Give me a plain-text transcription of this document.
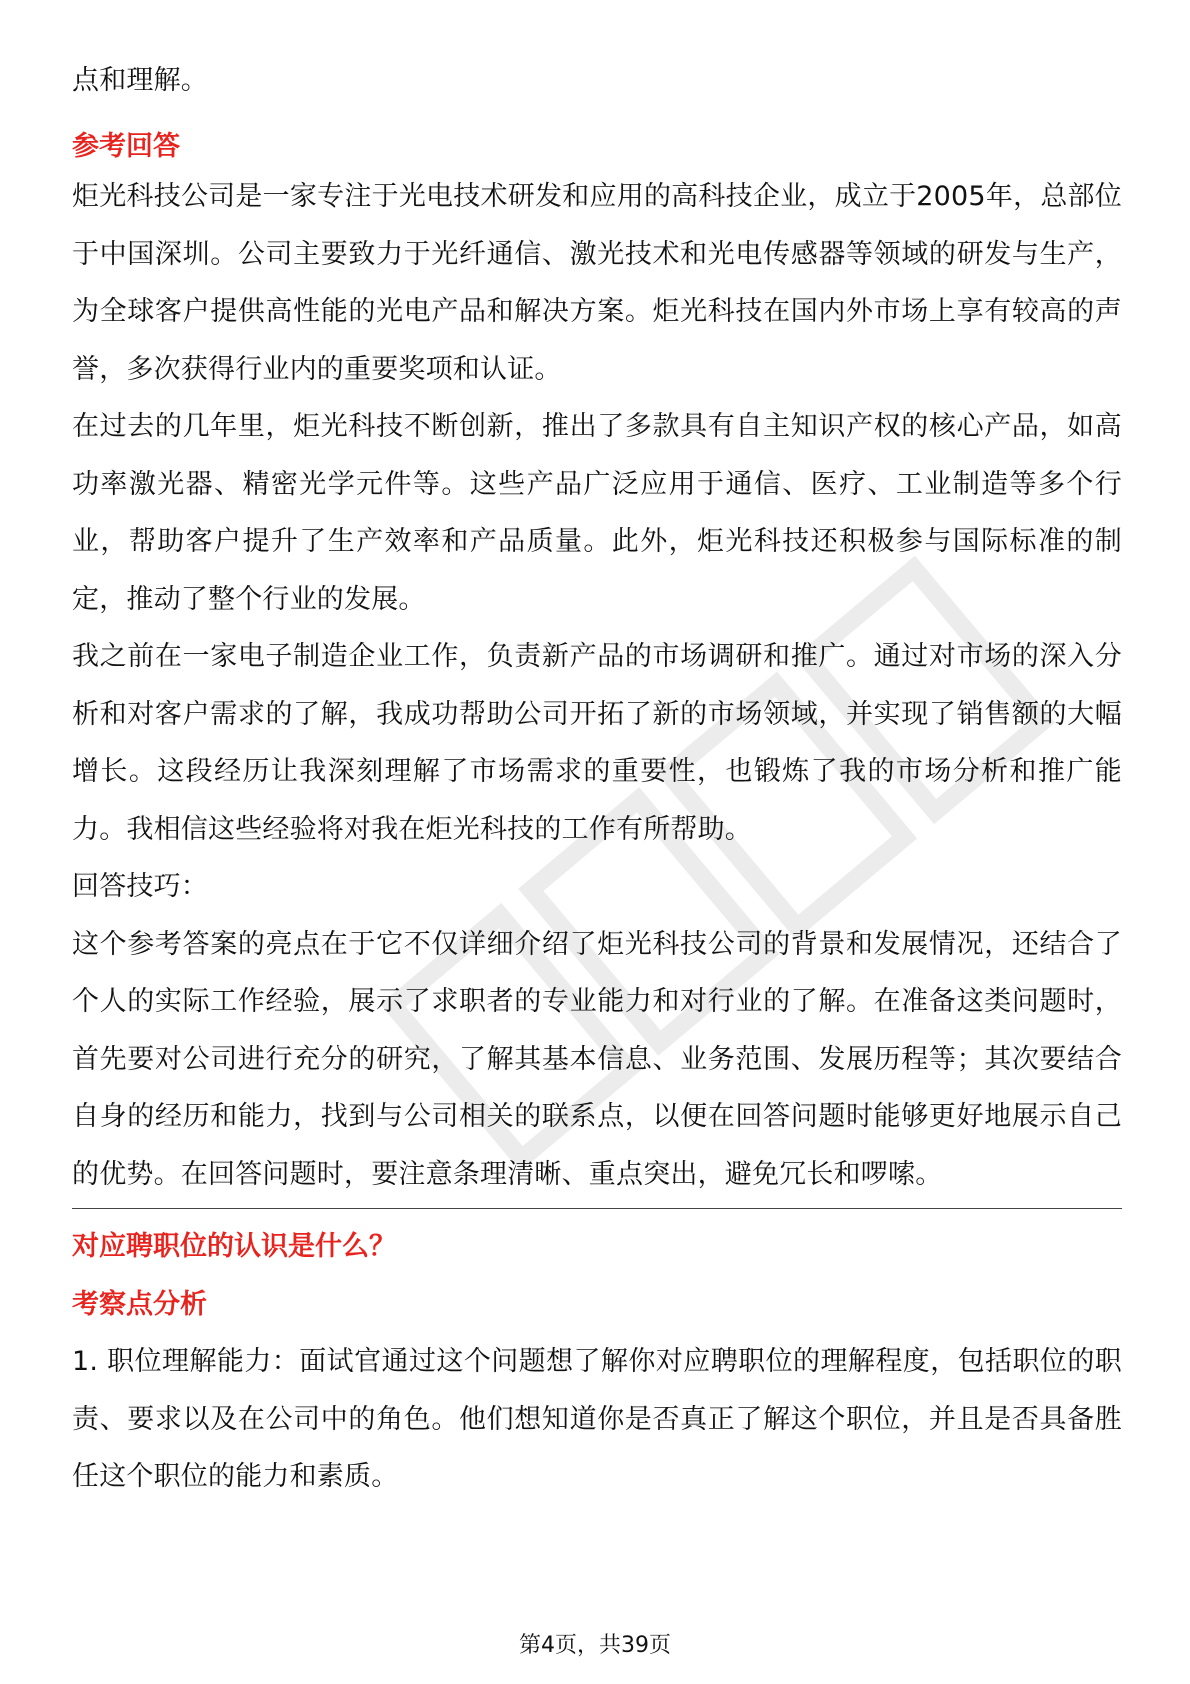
点和理解。

参考回答

炬光科技公司是一家专注于光电技术研发和应用的高科技企业，成立于2005年，总部位于中国深圳。公司主要致力于光纤通信、激光技术和光电传感器等领域的研发与生产，为全球客户提供高性能的光电产品和解决方案。炬光科技在国内外市场上享有较高的声誉，多次获得行业内的重要奖项和认证。

在过去的几年里，炬光科技不断创新，推出了多款具有自主知识产权的核心产品，如高功率激光器、精密光学元件等。这些产品广泛应用于通信、医疗、工业制造等多个行业，帮助客户提升了生产效率和产品质量。此外，炬光科技还积极参与国际标准的制定，推动了整个行业的发展。

我之前在一家电子制造企业工作，负责新产品的市场调研和推广。通过对市场的深入分析和对客户需求的了解，我成功帮助公司开拓了新的市场领域，并实现了销售额的大幅增长。这段经历让我深刻理解了市场需求的重要性，也锻炼了我的市场分析和推广能力。我相信这些经验将对我在炬光科技的工作有所帮助。

回答技巧：

这个参考答案的亮点在于它不仅详细介绍了炬光科技公司的背景和发展情况，还结合了个人的实际工作经验，展示了求职者的专业能力和对行业的了解。在准备这类问题时，首先要对公司进行充分的研究，了解其基本信息、业务范围、发展历程等；其次要结合自身的经历和能力，找到与公司相关的联系点，以便在回答问题时能够更好地展示自己的优势。在回答问题时，要注意条理清晰、重点突出，避免冗长和啰嗦。

对应聘职位的认识是什么？

考察点分析

1. 职位理解能力：面试官通过这个问题想了解你对应聘职位的理解程度，包括职位的职责、要求以及在公司中的角色。他们想知道你是否真正了解这个职位，并且是否具备胜任这个职位的能力和素质。

第4页，共39页
